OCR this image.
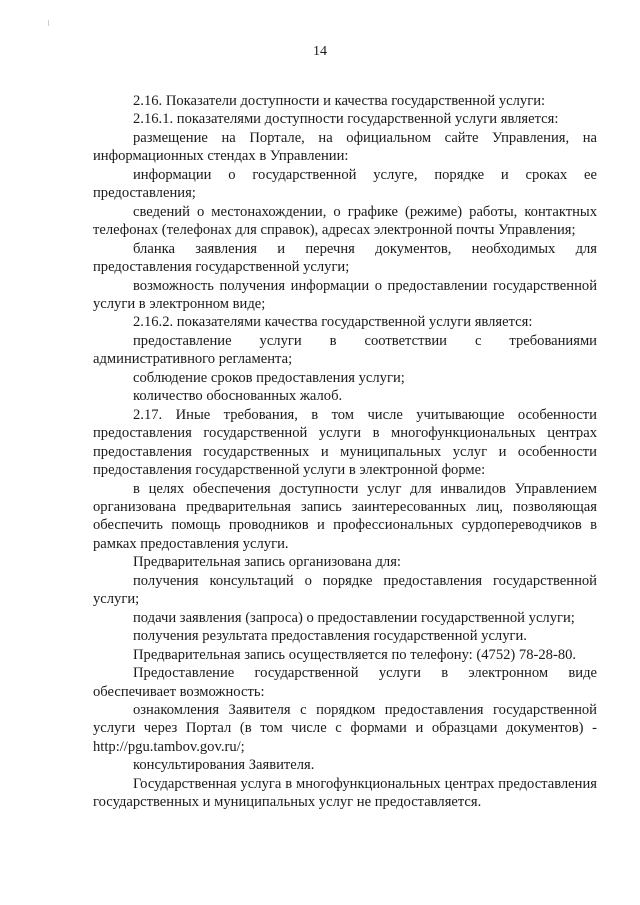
14

2.16. Показатели доступности и качества государственной услуги:

2.16.1. показателями доступности государственной услуги является:

размещение на Портале, на официальном сайте Управления, на информационных стендах в Управлении:

информации о государственной услуге, порядке и сроках ее предоставления;

сведений о местонахождении, о графике (режиме) работы, контактных телефонах (телефонах для справок), адресах электронной почты Управления;

бланка заявления и перечня документов, необходимых для предоставления государственной услуги;

возможность получения информации о предоставлении государственной услуги в электронном виде;

2.16.2. показателями качества государственной услуги является:

предоставление услуги в соответствии с требованиями административного регламента;

соблюдение сроков предоставления услуги;

количество обоснованных жалоб.

2.17. Иные требования, в том числе учитывающие особенности предоставления государственной услуги в многофункциональных центрах предоставления государственных и муниципальных услуг и особенности предоставления государственной услуги в электронной форме:

в целях обеспечения доступности услуг для инвалидов Управлением организована предварительная запись заинтересованных лиц, позволяющая обеспечить помощь проводников и профессиональных сурдопереводчиков в рамках предоставления услуги.

Предварительная запись организована для:

получения консультаций о порядке предоставления государственной услуги;

подачи заявления (запроса) о предоставлении государственной услуги;

получения результата предоставления государственной услуги.

Предварительная запись осуществляется по телефону: (4752) 78-28-80.

Предоставление государственной услуги в электронном виде обеспечивает возможность:

ознакомления Заявителя с порядком предоставления государственной услуги через Портал (в том числе с формами и образцами документов) - http://pgu.tambov.gov.ru/;

консультирования Заявителя.

Государственная услуга в многофункциональных центрах предоставления государственных и муниципальных услуг не предоставляется.
